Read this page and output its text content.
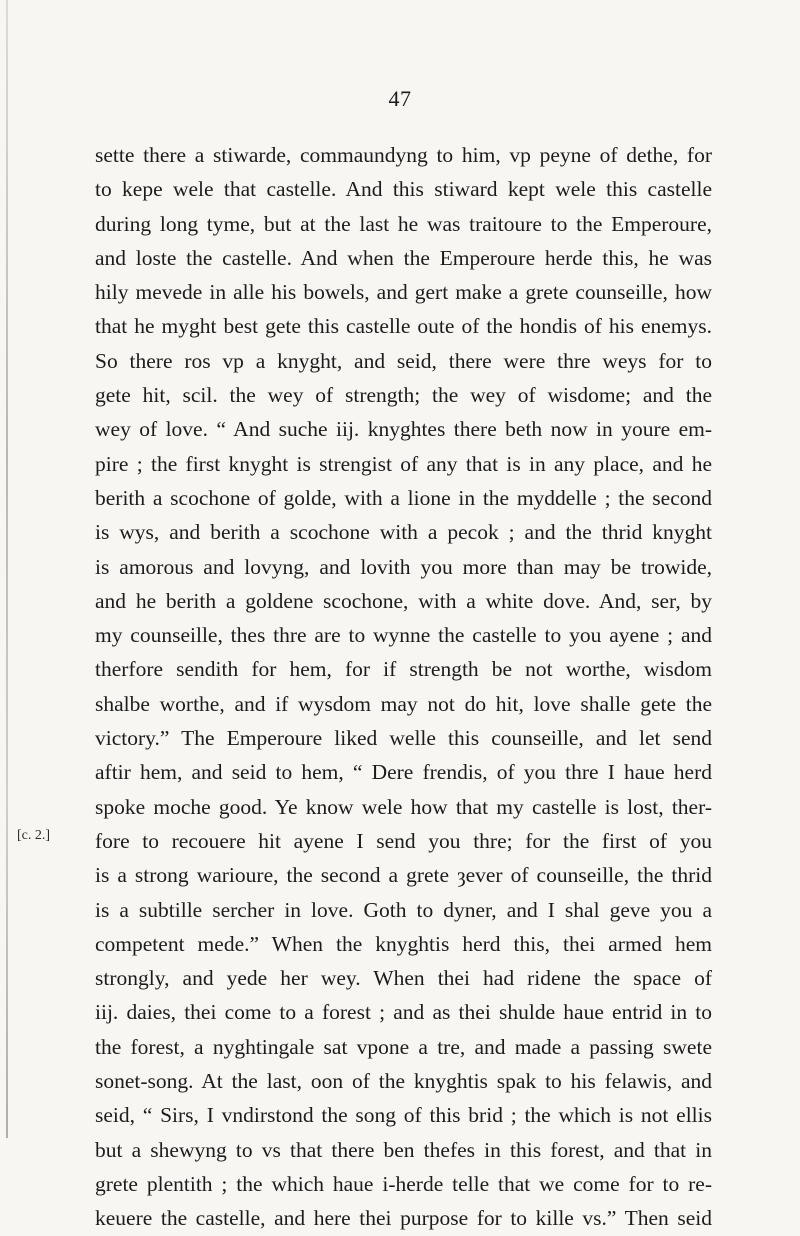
47
[c. 2.]
sette there a stiwarde, commaundyng to him, vp peyne of dethe, for
to kepe wele that castelle. And this stiward kept wele this castelle
during long tyme, but at the last he was traitoure to the Emperoure,
and loste the castelle. And when the Emperoure herde this, he was
hily mevede in alle his bowels, and gert make a grete counseille, how
that he myght best gete this castelle oute of the hondis of his enemys.
So there ros vp a knyght, and seid, there were thre weys for to
gete hit, scil. the wey of strength; the wey of wisdome; and the
wey of love. “ And suche iij. knyghtes there beth now in youre em-
pire ; the first knyght is strengist of any that is in any place, and he
berith a scochone of golde, with a lione in the myddelle ; the second
is wys, and berith a scochone with a pecok ; and the thrid knyght
is amorous and lovyng, and lovith you more than may be trowide,
and he berith a goldene scochone, with a white dove. And, ser, by
my counseille, thes thre are to wynne the castelle to you ayene ; and
therfore sendith for hem, for if strength be not worthe, wisdom
shalbe worthe, and if wysdom may not do hit, love shalle gete the
victory.” The Emperoure liked welle this counseille, and let send
aftir hem, and seid to hem, “ Dere frendis, of you thre I haue herd
spoke moche good. Ye know wele how that my castelle is lost, ther-
fore to recouere hit ayene I send you thre; for the first of you
is a strong warioure, the second a grete ȝever of counseille, the thrid
is a subtille sercher in love. Goth to dyner, and I shal geve you a
competent mede.” When the knyghtis herd this, thei armed hem
strongly, and yede her wey. When thei had ridene the space of
iij. daies, thei come to a forest ; and as thei shulde haue entrid in to
the forest, a nyghtingale sat vpone a tre, and made a passing swete
sonet-song. At the last, oon of the knyghtis spak to his felawis, and
seid, “ Sirs, I vndirstond the song of this brid ; the which is not ellis
but a shewyng to vs that there ben thefes in this forest, and that in
grete plentith ; the which haue i-herde telle that we come for to re-
keuere the castelle, and here thei purpose for to kille vs.” Then seid
